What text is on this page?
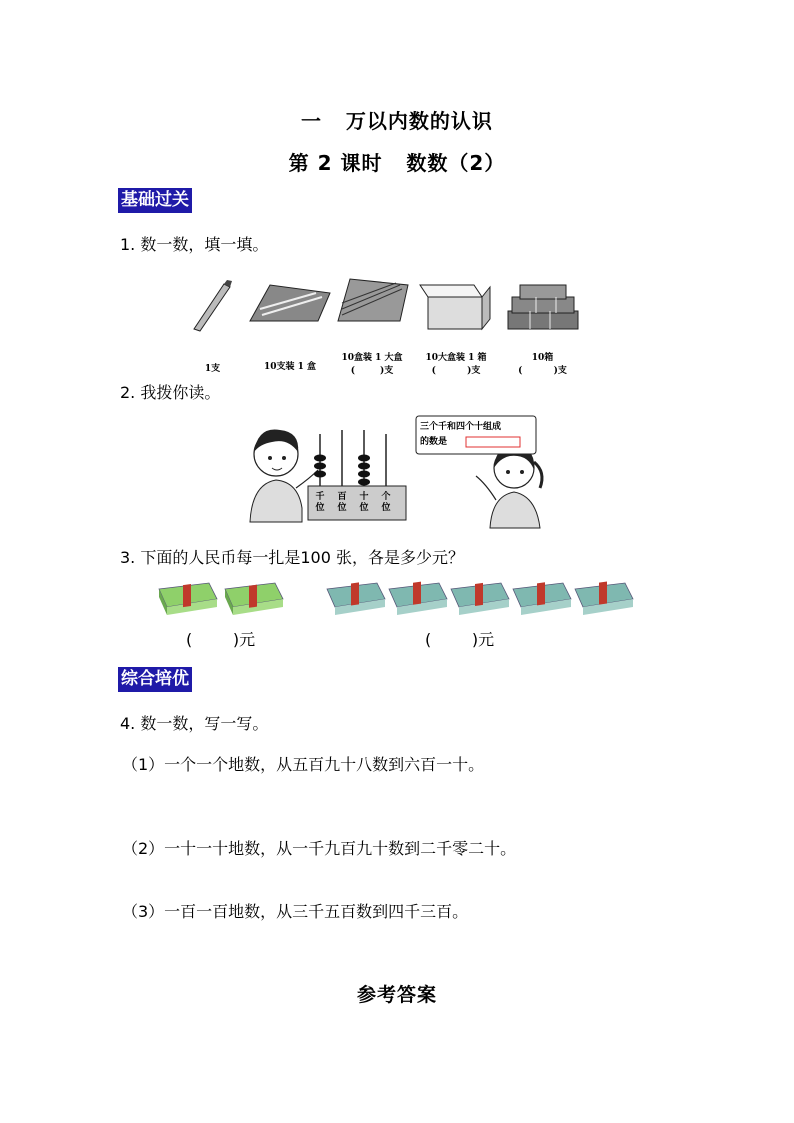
一   万以内数的认识
第 2 课时   数数（2）
基础过关
1. 数一数，填一填。

1支

	10支装 1 盒

10盒装 1 大盒
(        )支

10大盒装 1 箱
(          )支

10箱
(          )支
2. 我拨你读。
千位
百位
十位
个位
三个千和四个十组成
的数是
3. 下面的人民币每一扎是100 张，各是多少元？
(        )元	(        )元
综合培优
4. 数一数，写一写。
（1）一个一个地数，从五百九十八数到六百一十。
（2）一十一十地数，从一千九百九十数到二千零二十。
（3）一百一百地数，从三千五百数到四千三百。
参考答案
